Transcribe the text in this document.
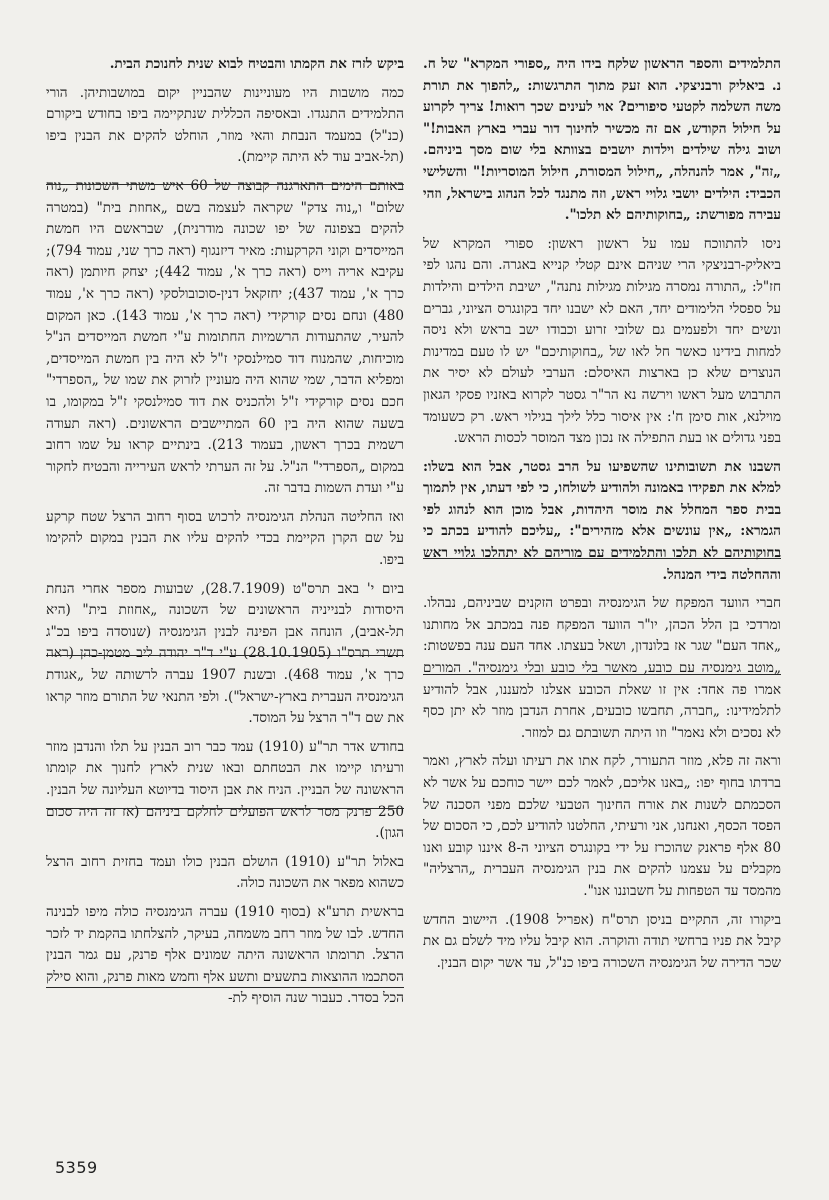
התלמידים והספר הראשון שלקח בידו היה „ספורי המקרא" של ח. נ. ביאליק ורבניצקי. הוא זעק מתוך התרגשות: „להפוך את תורת משה השלמה לקטעי סיפורים? אוי לעינים שכך רואות! צריך לקרוע על חילול הקודש, אם זה מכשיר לחינוך דור עברי בארץ האבות!" ושוב גילה שילדים וילדות יושבים בצוותא בלי שום מסך ביניהם. „זה", אמר להנהלה, „חילול המסורת, חילול המוסריות!" והשלישי הכביד: הילדים יושבי גלויי ראש, וזה מתנגד לכל הנהוג בישראל, וזהי עבירה מפורשת: „בחוקותיהם לא תלכו".

ניסו להתווכח עמו על ראשון ראשון: ספורי המקרא של ביאליק-רבניצקי הרי שניהם אינם קטלי קנייא באגרה. והם נהגו לפי חז"ל: „התורה נמסרה מגילות מגילות נתנה", ישיבת הילדים והילדות על ספסלי הלימודים יחד, האם לא ישבנו יחד בקונגרס הציוני, גברים ונשים יחד ולפעמים גם שלובי זרוע וכבודו ישב בראש ולא ניסה למחות בידינו כאשר חל לאו של „בחוקותיכם" יש לו טעם במדינות הנוצרים שלא כן בארצות האיסלם: הערבי לעולם לא יסיר את התרבוש מעל ראשו וירשה נא הר"ר גסטר לקרוא באזניו פסקי הגאון מוילנא, אות סימן ח': אין איסור כלל לילך בגילוי ראש. רק כשעומד בפני גדולים או בעת התפילה אז נכון מצד המוסר לכסות הראש.

השבנו את תשובותינו שהשפיעו על הרב גסטר, אבל הוא בשלו: למלא את תפקידו באמונה ולהודיע לשולחו, כי לפי דעתו, אין לתמוך בבית ספר המחלל את מוסר היהדות, אבל מוכן הוא לנהוג לפי הגמרא: „אין עונשים אלא מזהירים": „עליכם להודיע בכתב כי בחוקותיהם לא תלכו והתלמידים עם מוריהם לא יתהלכו גלויי ראש וההחלטה בידי המנהל.

חברי הוועד המפקח של הגימנסיה ובפרט הזקנים שביניהם, נבהלו. ומרדכי בן הלל הכהן, יו"ר הוועד המפקח פנה במכתב אל מחותנו „אחד העם" שגר אז בלונדון, ושאל בעצתו. אחד העם ענה בפשטות: „מוטב גימנסיה עם כובע, מאשר בלי כובע ובלי גימנסיה". המורים אמרו פה אחד: אין זו שאלת הכובע אצלנו למעננו, אבל להודיע לתלמידינו: „חברה, תחבשו כובעים, אחרת הנדבן מוזר לא יתן כסף לא נסכים ולא נאמר" וזו היתה תשובתם גם למוזר.

וראה זה פלא, מוזר התעורר, לקח אתו את רעיתו ועלה לארץ, ואמר ברדתו בחוף יפו: „באנו אליכם, לאמר לכם יישר כוחכם על אשר לא הסכמתם לשנות את אורח החינוך הטבעי שלכם מפני הסכנה של הפסד הכסף, ואנחנו, אני ורעיתי, החלטנו להודיע לכם, כי הסכום של 80 אלף פראנק שהוכרז על ידי בקונגרס הציוני ה-8 איננו קובע ואנו מקבלים על עצמנו להקים את בנין הגימנסיה העברית „הרצליה" מהמסד עד הטפחות על חשבוננו אנו".

ביקורו זה, התקיים בניסן תרס"ח (אפריל 1908). היישוב החדש קיבל את פניו ברחשי תודה והוקרה. הוא קיבל עליו מיד לשלם גם את שכר הדירה של הגימנסיה השכורה ביפו כנ"ל, עד אשר יקום הבנין.

ביקש לזרז את הקמתו והבטיח לבוא שנית לחנוכת הבית.

כמה מושבות היו מעוניינות שהבניין יקום במושבותיהן. הורי התלמידים התנגדו. ובאסיפה הכללית שנתקיימה ביפו בחודש ביקורם (כנ"ל) במעמד הנבחת והאי מוזר, הוחלט להקים את הבנין ביפו (תל-אביב עוד לא היתה קיימת).

באותם הימים התארגנה קבוצה של 60 איש משתי השכונות „נוה שלום" ו„נוה צדק" שקראה לעצמה בשם „אחוזת בית" (במטרה להקים בצפונה של יפו שכונה מודרנית), שבראשם היו חמשת המייסדים וקוני הקרקעות: מאיר דיזנגוף (ראה כרך שני, עמוד 794); עקיבא אריה וייס (ראה כרך א', עמוד 442); יצחק חיותמן (ראה כרך א', עמוד 437); יחזקאל דנין-סוכובולסקי (ראה כרך א', עמוד 480) ונחם נסים קורקידי (ראה כרך א', עמוד 143). כאן המקום להעיר, שהתעודות הרשמיות החתומות ע"י חמשת המייסדים הנ"ל מוכיחות, שהמנוח דוד סמילנסקי ז"ל לא היה בין חמשת המייסדים, ומפליא הדבר, שמי שהוא היה מעוניין לזרוק את שמו של „הספרדי" חכם נסים קורקידי ז"ל ולהכניס את דוד סמילנסקי ז"ל במקומו, בו בשעה שהוא היה בין 60 המתיישבים הראשונים. (ראה תעודה רשמית בכרך ראשון, בעמוד 213). בינתיים קראו על שמו רחוב במקום „הספרדי" הנ"ל. על זה הערתי לראש העירייה והבטיח לחקור ע"י ועדת השמות בדבר זה.

ואז החליטה הנהלת הגימנסיה לרכוש בסוף רחוב הרצל שטח קרקע על שם הקרן הקיימת בכדי להקים עליו את הבנין במקום להקימו ביפו.

ביום י' באב תרס"ט (28.7.1909), שבועות מספר אחרי הנחת היסודות לבנייניה הראשונים של השכונה „אחוזת בית" (היא תל-אביב), הונחה אבן הפינה לבנין הגימנסיה (שנוסדה ביפו בכ"ג תשרי תרס"ו (28.10.1905) ע"י ד"ר יהודה ליב מטמן-כהן (ראה כרך א', עמוד 468). ובשנת 1907 עברה לרשותה של „אגודת הגימנסיה העברית בארץ-ישראל"). ולפי התנאי של התורם מוזר קראו את שם ד"ר הרצל על המוסד.

בחודש אדר תר"ע (1910) עמד כבר רוב הבנין על תלו והנדבן מוזר ורעיתו קיימו את הבטחתם ובאו שנית לארץ לחנוך את קומתו הראשונה של הבניין. הניח את אבן היסוד בדיוטא העליונה של הבנין. 250 פרנק מסר לראש הפועלים לחלקם ביניהם (אז זה היה סכום הגון).

באלול תר"ע (1910) הושלם הבנין כולו ועמד בחזית רחוב הרצל כשהוא מפאר את השכונה כולה.

בראשית תרע"א (בסוף 1910) עברה הגימנסיה כולה מיפו לבנינה החדש. לבו של מוזר רחב משמחה, בעיקר, להצלחתו בהקמת יד לזכר הרצל. תרומתו הראשונה היתה שמונים אלף פרנק, עם גמר הבנין הסתכמו ההוצאות בתשעים ותשע אלף וחמש מאות פרנק, והוא סילק הכל בסדר. כעבור שנה הוסיף לת-

5359
